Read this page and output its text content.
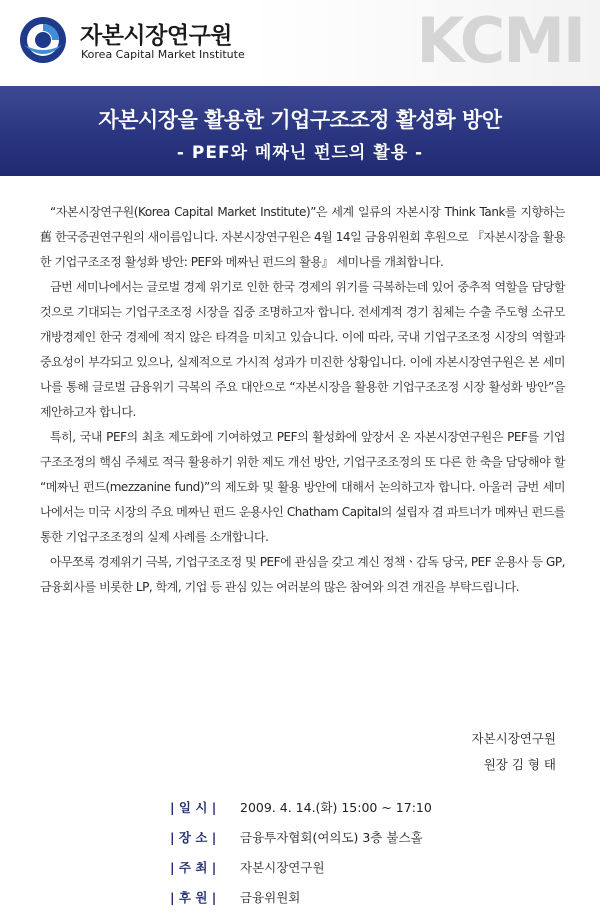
KCMI
자본시장연구원
Korea Capital Market Institute
자본시장을 활용한 기업구조조정 활성화 방안
- PEF와 메짜닌 펀드의 활용 -

“자본시장연구원(Korea Capital Market Institute)”은 세계 일류의 자본시장 Think Tank를 지향하는 舊 한국증권연구원의 새이름입니다. 자본시장연구원은 4월 14일 금융위원회 후원으로 『자본시장을 활용한 기업구조조정 활성화 방안: PEF와 메짜닌 펀드의 활용』 세미나를 개최합니다.

금번 세미나에서는 글로벌 경제 위기로 인한 한국 경제의 위기를 극복하는데 있어 중추적 역할을 담당할 것으로 기대되는 기업구조조정 시장을 집중 조명하고자 합니다. 전세계적 경기 침체는 수출 주도형 소규모 개방경제인 한국 경제에 적지 않은 타격을 미치고 있습니다. 이에 따라, 국내 기업구조조정 시장의 역할과 중요성이 부각되고 있으나, 실제적으로 가시적 성과가 미진한 상황입니다. 이에 자본시장연구원은 본 세미나를 통해 글로벌 금융위기 극복의 주요 대안으로 “자본시장을 활용한 기업구조조정 시장 활성화 방안”을 제안하고자 합니다.

특히, 국내 PEF의 최초 제도화에 기여하였고 PEF의 활성화에 앞장서 온 자본시장연구원은 PEF를 기업구조조정의 핵심 주체로 적극 활용하기 위한 제도 개선 방안, 기업구조조정의 또 다른 한 축을 담당해야 할 “메짜닌 펀드(mezzanine fund)”의 제도화 및 활용 방안에 대해서 논의하고자 합니다. 아울러 금번 세미나에서는 미국 시장의 주요 메짜닌 펀드 운용사인 Chatham Capital의 설립자 겸 파트너가 메짜닌 펀드를 통한 기업구조조정의 실제 사례를 소개합니다.

아무쪼록 경제위기 극복, 기업구조조정 및 PEF에 관심을 갖고 계신 정책ㆍ감독 당국, PEF 운용사 등 GP, 금융회사를 비롯한 LP, 학계, 기업 등 관심 있는 여러분의 많은 참여와 의견 개진을 부탁드립니다.

자본시장연구원
원장 김 형 태
| 일 시 |	2009. 4. 14.(화) 15:00 ~ 17:10
| 장 소 |	금융투자협회(여의도) 3층 불스홀
| 주 최 |	자본시장연구원
| 후 원 |	금융위원회
